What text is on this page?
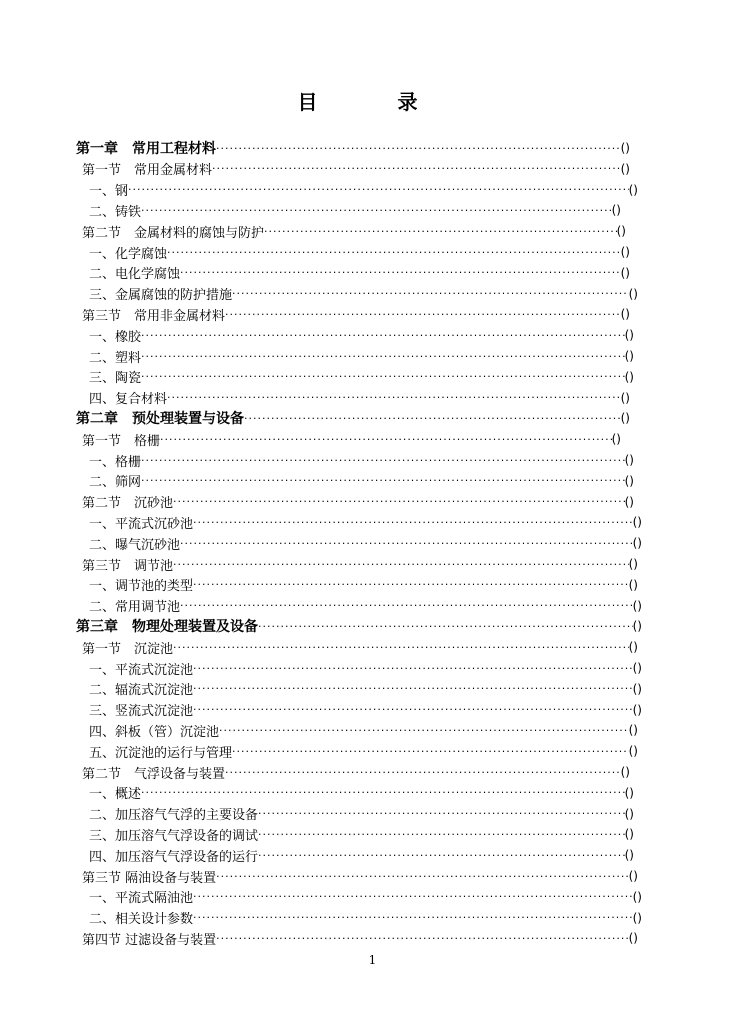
目　录
第一章　常用工程材料 ·····	()
第一节　常用金属材料 ·····	()
一、钢 ·····	()
二、铸铁 ·····	()
第二节　金属材料的腐蚀与防护 ·····	()
一、化学腐蚀 ·····	()
二、电化学腐蚀 ·····	()
三、金属腐蚀的防护措施 ·····	()
第三节　常用非金属材料 ·····	()
一、橡胶 ·····	()
二、塑料 ·····	()
三、陶瓷 ·····	()
四、复合材料 ·····	()
第二章　预处理装置与设备 ·····	()
第一节　格栅 ·····	()
一、格栅 ·····	()
二、筛网 ·····	()
第二节　沉砂池 ·····	()
一、平流式沉砂池 ·····	()
二、曝气沉砂池 ·····	()
第三节　调节池 ·····	()
一、调节池的类型 ·····	()
二、常用调节池 ·····	()
第三章　物理处理装置及设备 ·····	()
第一节　沉淀池 ·····	()
一、平流式沉淀池 ·····	()
二、辐流式沉淀池 ·····	()
三、竖流式沉淀池 ·····	()
四、斜板（管）沉淀池 ·····	()
五、沉淀池的运行与管理 ·····	()
第二节　气浮设备与装置 ·····	()
一、概述 ·····	()
二、加压溶气气浮的主要设备 ·····	()
三、加压溶气气浮设备的调试 ·····	()
四、加压溶气气浮设备的运行 ·····	()
第三节 隔油设备与装置 ·····	()
一、平流式隔油池 ·····	()
二、相关设计参数 ·····	()
第四节 过滤设备与装置 ·····	()
1
